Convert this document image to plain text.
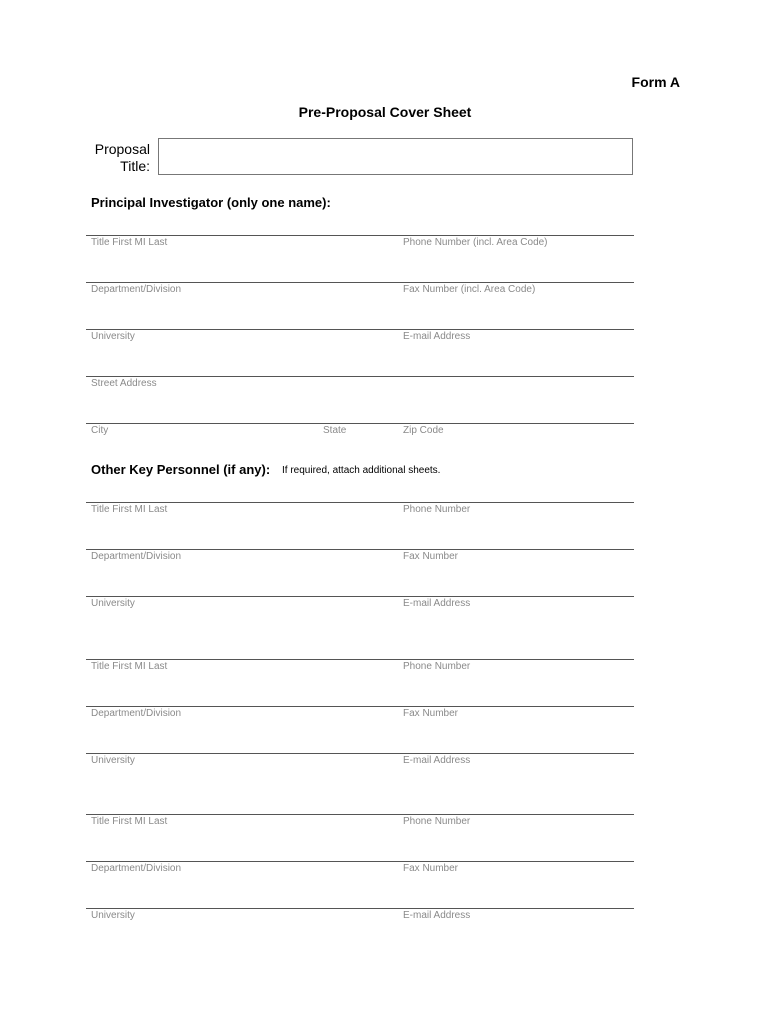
Form A
Pre-Proposal Cover Sheet
Proposal
Title:
Principal Investigator (only one name):
Title First MI Last	Phone Number (incl. Area Code)
Department/Division	Fax Number (incl. Area Code)
University	E-mail Address
Street Address
City	State	Zip Code
Other Key Personnel (if any): If required, attach additional sheets.
Title First MI Last	Phone Number
Department/Division	Fax Number
University	E-mail Address
Title First MI Last	Phone Number
Department/Division	Fax Number
University	E-mail Address
Title First MI Last	Phone Number
Department/Division	Fax Number
University	E-mail Address
